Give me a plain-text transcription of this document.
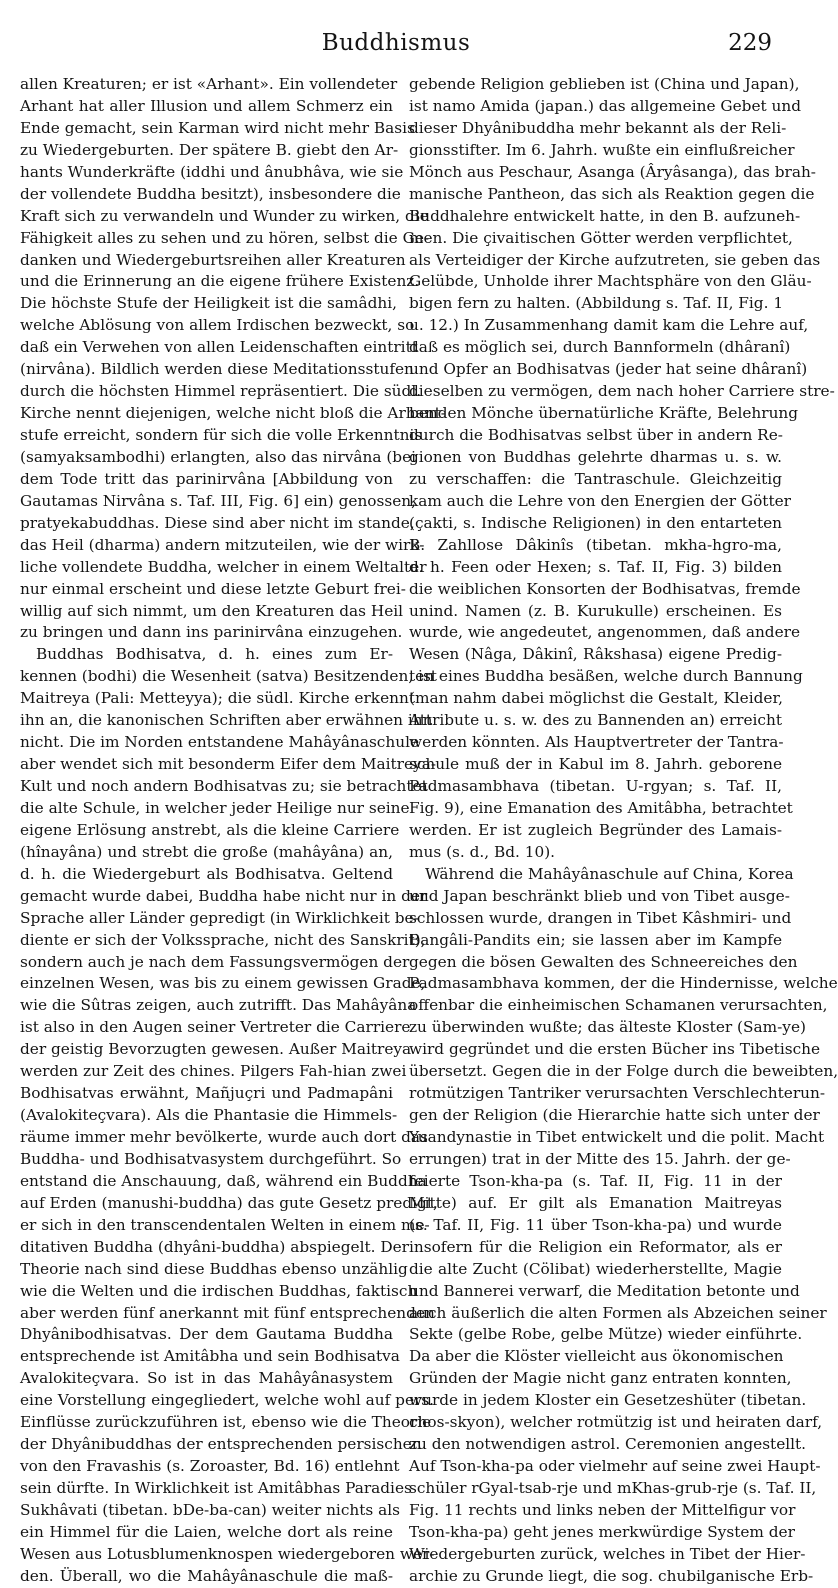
Buddhismus	229
allen Kreaturen; er ist «Arhant». Ein vollendeter
Arhant hat aller Illusion und allem Schmerz ein
Ende gemacht, sein Karman wird nicht mehr Basis
zu Wiedergeburten. Der spätere B. giebt den Ar-
hants Wunderkräfte (iddhi und ânubhâva, wie sie
der vollendete Buddha besitzt), insbesondere die
Kraft sich zu verwandeln und Wunder zu wirken, die
Fähigkeit alles zu sehen und zu hören, selbst die Ge-
danken und Wiedergeburtsreihen aller Kreaturen
und die Erinnerung an die eigene frühere Existenz.
Die höchste Stufe der Heiligkeit ist die samâdhi,
welche Ablösung von allem Irdischen bezweckt, so
daß ein Verwehen von allen Leidenschaften eintritt
(nirvâna). Bildlich werden diese Meditationsstufen
durch die höchsten Himmel repräsentiert. Die südl.
Kirche nennt diejenigen, welche nicht bloß die Arhant-
stufe erreicht, sondern für sich die volle Erkenntnis
(samyaksambodhi) erlangten, also das nirvâna (bei
dem Tode tritt das parinirvâna [Abbildung von
Gautamas Nirvâna s. Taf. III, Fig. 6] ein) genossen,
pratyekabuddhas. Diese sind aber nicht im stande,
das Heil (dharma) andern mitzuteilen, wie der wirk-
liche vollendete Buddha, welcher in einem Weltalter
nur einmal erscheint und diese letzte Geburt frei-
willig auf sich nimmt, um den Kreaturen das Heil
zu bringen und dann ins parinirvâna einzugehen.
Buddhas Bodhisatva, d. h. eines zum Er-
kennen (bodhi) die Wesenheit (satva) Besitzenden, ist
Maitreya (Pali: Metteyya); die südl. Kirche erkennt
ihn an, die kanonischen Schriften aber erwähnen ihn
nicht. Die im Norden entstandene Mahâyânaschule
aber wendet sich mit besonderm Eifer dem Maitreya-
Kult und noch andern Bodhisatvas zu; sie betrachtet
die alte Schule, in welcher jeder Heilige nur seine
eigene Erlösung anstrebt, als die kleine Carriere
(hînayâna) und strebt die große (mahâyâna) an,
d. h. die Wiedergeburt als Bodhisatva. Geltend
gemacht wurde dabei, Buddha habe nicht nur in der
Sprache aller Länder gepredigt (in Wirklichkeit be-
diente er sich der Volkssprache, nicht des Sanskrit),
sondern auch je nach dem Fassungsvermögen der
einzelnen Wesen, was bis zu einem gewissen Grade,
wie die Sûtras zeigen, auch zutrifft. Das Mahâyâna
ist also in den Augen seiner Vertreter die Carriere
der geistig Bevorzugten gewesen. Außer Maitreya
werden zur Zeit des chines. Pilgers Fah-hian zwei
Bodhisatvas erwähnt, Mañjuçri und Padmapâni
(Avalokiteçvara). Als die Phantasie die Himmels-
räume immer mehr bevölkerte, wurde auch dort das
Buddha- und Bodhisatvasystem durchgeführt. So
entstand die Anschauung, daß, während ein Buddha
auf Erden (manushi-buddha) das gute Gesetz predigt,
er sich in den transcendentalen Welten in einem me-
ditativen Buddha (dhyâni-buddha) abspiegelt. Der
Theorie nach sind diese Buddhas ebenso unzählig
wie die Welten und die irdischen Buddhas, faktisch
aber werden fünf anerkannt mit fünf entsprechenden
Dhyânibodhisatvas. Der dem Gautama Buddha
entsprechende ist Amitâbha und sein Bodhisatva
Avalokiteçvara. So ist in das Mahâyânasystem
eine Vorstellung eingegliedert, welche wohl auf pers.
Einflüsse zurückzuführen ist, ebenso wie die Theorie
der Dhyânibuddhas der entsprechenden persischen
von den Fravashis (s. Zoroaster, Bd. 16) entlehnt
sein dürfte. In Wirklichkeit ist Amitâbhas Paradies
Sukhâvati (tibetan. bDe-ba-can) weiter nichts als
ein Himmel für die Laien, welche dort als reine
Wesen aus Lotusblumenknospen wiedergeboren wer-
den. Überall, wo die Mahâyânaschule die maß-
gebende Religion geblieben ist (China und Japan),
ist namo Amida (japan.) das allgemeine Gebet und
dieser Dhyânibuddha mehr bekannt als der Reli-
gionsstifter. Im 6. Jahrh. wußte ein einflußreicher
Mönch aus Peschaur, Asanga (Âryâsanga), das brah-
manische Pantheon, das sich als Reaktion gegen die
Buddhalehre entwickelt hatte, in den B. aufzuneh-
men. Die çivaitischen Götter werden verpflichtet,
als Verteidiger der Kirche aufzutreten, sie geben das
Gelübde, Unholde ihrer Machtsphäre von den Gläu-
bigen fern zu halten. (Abbildung s. Taf. II, Fig. 1
u. 12.) In Zusammenhang damit kam die Lehre auf,
daß es möglich sei, durch Bannformeln (dhâranî)
und Opfer an Bodhisatvas (jeder hat seine dhâranî)
dieselben zu vermögen, dem nach hoher Carriere stre-
benden Mönche übernatürliche Kräfte, Belehrung
durch die Bodhisatvas selbst über in andern Re-
gionen von Buddhas gelehrte dharmas u. s. w.
zu verschaffen: die Tantraschule. Gleichzeitig
kam auch die Lehre von den Energien der Götter
(çakti, s. Indische Religionen) in den entarteten
B. Zahllose Dâkinîs (tibetan. mkha-hgro-ma,
d. h. Feen oder Hexen; s. Taf. II, Fig. 3) bilden
die weiblichen Konsorten der Bodhisatvas, fremde
unind. Namen (z. B. Kurukulle) erscheinen. Es
wurde, wie angedeutet, angenommen, daß andere
Wesen (Nâga, Dâkinî, Râkshasa) eigene Predig-
ten eines Buddha besäßen, welche durch Bannung
(man nahm dabei möglichst die Gestalt, Kleider,
Attribute u. s. w. des zu Bannenden an) erreicht
werden könnten. Als Hauptvertreter der Tantra-
schule muß der in Kabul im 8. Jahrh. geborene
Padmasambhava (tibetan. U-rgyan; s. Taf. II,
Fig. 9), eine Emanation des Amitâbha, betrachtet
werden. Er ist zugleich Begründer des Lamais-
mus (s. d., Bd. 10).
Während die Mahâyânaschule auf China, Korea
und Japan beschränkt blieb und von Tibet ausge-
schlossen wurde, drangen in Tibet Kâshmiri- und
Bangâli-Pandits ein; sie lassen aber im Kampfe
gegen die bösen Gewalten des Schneereiches den
Padmasambhava kommen, der die Hindernisse, welche
offenbar die einheimischen Schamanen verursachten,
zu überwinden wußte; das älteste Kloster (Sam-ye)
wird gegründet und die ersten Bücher ins Tibetische
übersetzt. Gegen die in der Folge durch die beweibten,
rotmützigen Tantriker verursachten Verschlechterun-
gen der Religion (die Hierarchie hatte sich unter der
Yuandynastie in Tibet entwickelt und die polit. Macht
errungen) trat in der Mitte des 15. Jahrh. der ge-
feierte Tson-kha-pa (s. Taf. II, Fig. 11 in der
Mitte) auf. Er gilt als Emanation Maitreyas
(s. Taf. II, Fig. 11 über Tson-kha-pa) und wurde
insofern für die Religion ein Reformator, als er
die alte Zucht (Cölibat) wiederherstellte, Magie
und Bannerei verwarf, die Meditation betonte und
auch äußerlich die alten Formen als Abzeichen seiner
Sekte (gelbe Robe, gelbe Mütze) wieder einführte.
Da aber die Klöster vielleicht aus ökonomischen
Gründen der Magie nicht ganz entraten konnten,
wurde in jedem Kloster ein Gesetzeshüter (tibetan.
chos-skyon), welcher rotmützig ist und heiraten darf,
zu den notwendigen astrol. Ceremonien angestellt.
Auf Tson-kha-pa oder vielmehr auf seine zwei Haupt-
schüler rGyal-tsab-rje und mKhas-grub-rje (s. Taf. II,
Fig. 11 rechts und links neben der Mittelfigur vor
Tson-kha-pa) geht jenes merkwürdige System der
Wiedergeburten zurück, welches in Tibet der Hier-
archie zu Grunde liegt, die sog. chubilganische Erb-
